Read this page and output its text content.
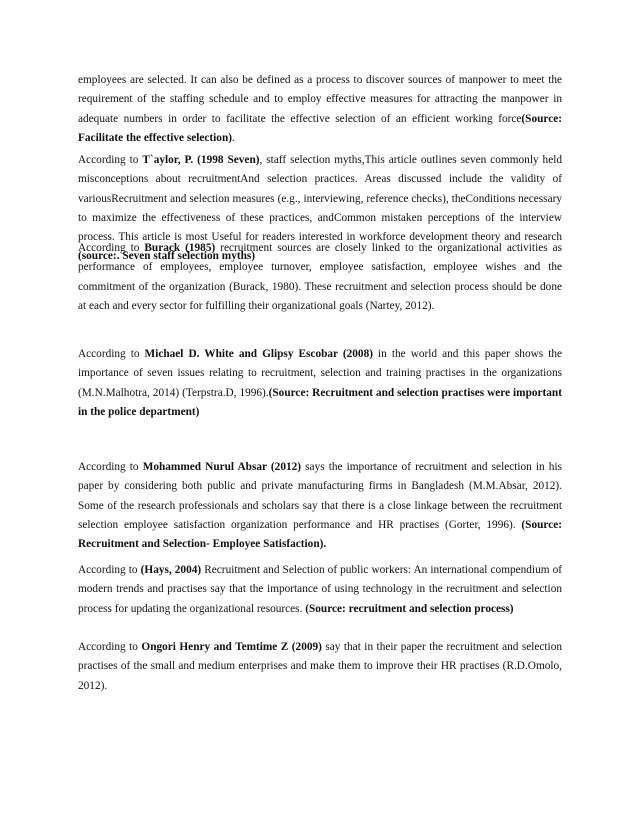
employees are selected. It can also be defined as a process to discover sources of manpower to meet the requirement of the staffing schedule and to employ effective measures for attracting the manpower in adequate numbers in order to facilitate the effective selection of an efficient working force(Source: Facilitate the effective selection).

According to T`aylor, P. (1998 Seven), staff selection myths,This article outlines seven commonly held misconceptions about recruitmentAnd selection practices. Areas discussed include the validity of variousRecruitment and selection measures (e.g., interviewing, reference checks), theConditions necessary to maximize the effectiveness of these practices, andCommon mistaken perceptions of the interview process. This article is most Useful for readers interested in workforce development theory and research (source:. Seven staff selection myths)

According to Burack (1985) recruitment sources are closely linked to the organizational activities as performance of employees, employee turnover, employee satisfaction, employee wishes and the commitment of the organization (Burack, 1980). These recruitment and selection process should be done at each and every sector for fulfilling their organizational goals (Nartey, 2012).

According to Michael D. White and Glipsy Escobar (2008) in the world and this paper shows the importance of seven issues relating to recruitment, selection and training practises in the organizations (M.N.Malhotra, 2014) (Terpstra.D, 1996).(Source: Recruitment and selection practises were important in the police department)

According to Mohammed Nurul Absar (2012) says the importance of recruitment and selection in his paper by considering both public and private manufacturing firms in Bangladesh (M.M.Absar, 2012). Some of the research professionals and scholars say that there is a close linkage between the recruitment selection employee satisfaction organization performance and HR practises (Gorter, 1996). (Source: Recruitment and Selection- Employee Satisfaction).

According to (Hays, 2004) Recruitment and Selection of public workers: An international compendium of modern trends and practises say that the importance of using technology in the recruitment and selection process for updating the organizational resources. (Source: recruitment and selection process)

According to Ongori Henry and Temtime Z (2009) say that in their paper the recruitment and selection practises of the small and medium enterprises and make them to improve their HR practises (R.D.Omolo, 2012).
